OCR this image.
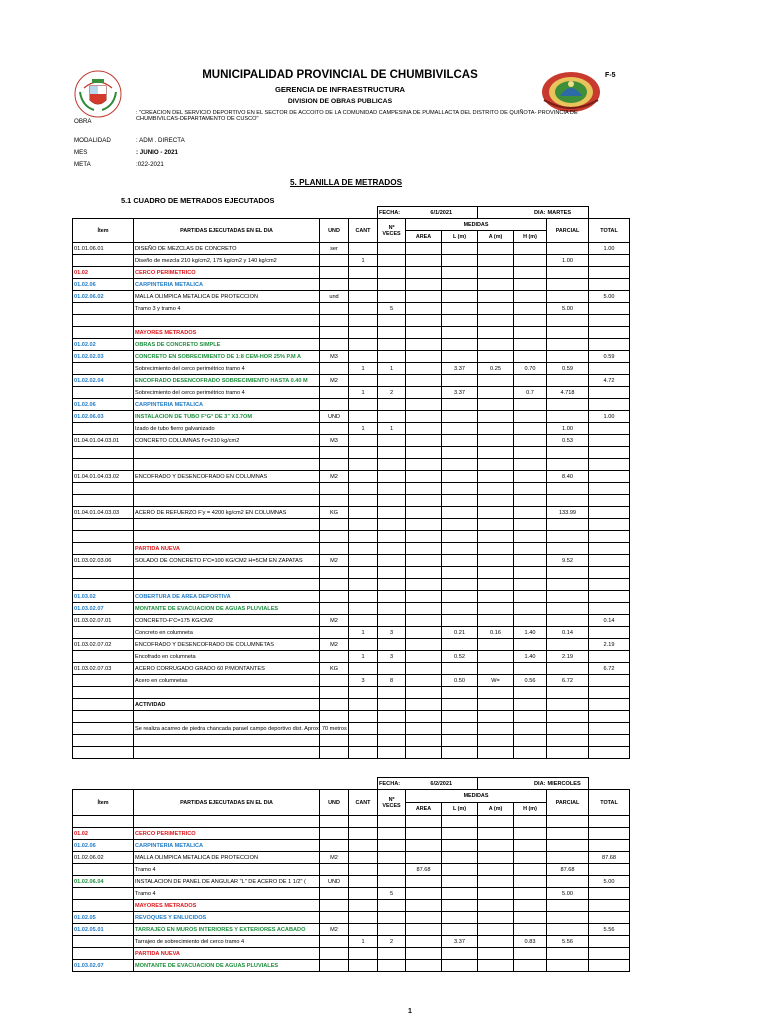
MUNICIPALIDAD PROVINCIAL DE CHUMBIVILCAS
GERENCIA DE INFRAESTRUCTURA
DIVISION DE OBRAS PUBLICAS
F-5
OBRA
: "CREACION DEL SERVICIO DEPORTIVO EN EL SECTOR DE ACCOITO DE LA COMUNIDAD CAMPESINA DE PUMALLACTA DEL DISTRITO DE QUIÑOTA- PROVINCIA DE CHUMBIVILCAS-DEPARTAMENTO DE CUSCO"
MODALIDAD	: ADM . DIRECTA
MES	: JUNIO - 2021
META	:022-2021
5. PLANILLA DE METRADOS
5.1 CUADRO DE METRADOS EJECUTADOS
				FECHA:	6/1/2021		DIA:		MARTES	
Ítem	PARTIDAS EJECUTADAS EN EL DIA	UND	CANT	Nº VECES	MEDIDAS				PARCIAL	TOTAL
					AREA	L (m)	A (m)	H (m)		
01.01.06.01	DISEÑO DE MEZCLAS DE CONCRETO	ser								1.00
	Diseño de mezcla 210 kg/cm2, 175 kg/cm2 y 140 kg/cm2		1						1.00	
01.02	CERCO PERIMETRICO									
01.02.06	CARPINTERIA METALICA									
01.02.06.02	MALLA OLIMPICA METALICA DE PROTECCION	und								5.00
	Tramo 3 y tramo 4			5					5.00	

	MAYORES METRADOS									
01.02.02	OBRAS DE CONCRETO SIMPLE									
01.02.02.03	CONCRETO EN SOBRECIMIENTO DE 1:8 CEM-HOR 25% P.M A	M3								0.59
	Sobrecimiento del cerco perimétrico tramo 4		1	1		3.37	0.25	0.70	0.59	
01.02.02.04	ENCOFRADO DESENCOFRADO SOBRECIMIENTO HASTA 0.40 M	M2								4.72
	Sobrecimiento del cerco perimétrico tramo 4		1	2		3.37		0.7	4.718	
01.02.06	CARPINTERIA METALICA									
01.02.06.03	INSTALACION DE TUBO F°G° DE 3" X3.7OM	UND								1.00
	Izado de tubo fierro galvanizado		1	1					1.00	
01.04.01.04.03.01	CONCRETO COLUMNAS f'c=210 kg/cm2	M3							0.53	

01.04.01.04.03.02	ENCOFRADO Y DESENCOFRADO EN COLUMNAS	M2							8.40	

01.04.01.04.03.03	ACERO DE REFUERZO F'y = 4200 kg/cm2 EN COLUMNAS	KG							133.99	

	PARTIDA NUEVA									
01.03.02.03.06	SOLADO DE CONCRETO F'C=100 KG/CM2 H=5CM EN ZAPATAS	M2							9.52	

01.03.02	COBERTURA DE AREA DEPORTIVA									
01.03.02.07	MONTANTE DE EVACUACION DE AGUAS PLUVIALES									
01.03.02.07.01	CONCRETO-F'C=175 KG/CM2	M2								0.14
	Concreto en columneta		1	3		0.21	0.16	1.40	0.14	
01.03.02.07.02	ENCOFRADO Y DESENCOFRADO DE COLUMNETAS	M2								2.19
	Encofrado en columneta		1	3		0.52		1.40	2.19	
01.03.02.07.03	ACERO CORRUGADO GRADO 60 P/MONTANTES	KG								6.72
	Acero en columnetas		3	8		0.50	W=	0.56	6.72	

	ACTIVIDAD									

	Se realiza acarreo de piedra chancada parael campo deportivo dist. Aprox. 70 metros									

				FECHA:	6/2/2021		DIA:		MIERCOLES	
Ítem	PARTIDAS EJECUTADAS EN EL DIA	UND	CANT	Nº VECES	MEDIDAS				PARCIAL	TOTAL
					AREA	L (m)	A (m)	H (m)		

01.02	CERCO PERIMETRICO									
01.02.06	CARPINTERIA METALICA									
01.02.06.02	MALLA OLIMPICA METALICA DE PROTECCION	M2								87.68
	Tramo 4				87.68				87.68	
01.02.06.04	INSTALACION DE PANEL DE ANGULAR "L" DE ACERO DE 1 1/2" (	UND								5.00
	Tramo 4			5					5.00	
	MAYORES METRADOS									
01.02.05	REVOQUES Y ENLUCIDOS									
01.02.05.01	TARRAJEO EN MUROS INTERIORES Y EXTERIORES ACABADO	M2								5.56
	Tarrajeo de sobrecimiento del cerco tramo 4		1	2		3.37		0.83	5.56	
	PARTIDA NUEVA									
01.03.02.07	MONTANTE DE EVACUACION DE AGUAS PLUVIALES									
1
